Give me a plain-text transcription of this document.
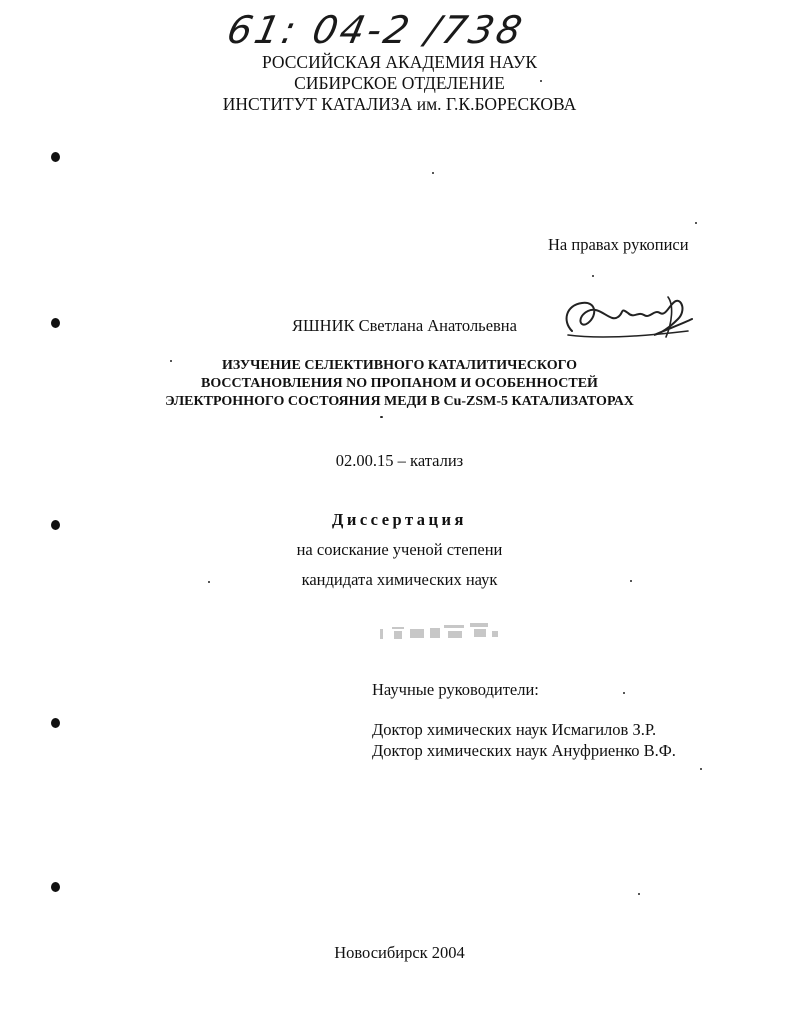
61: 04-2 /738
РОССИЙСКАЯ АКАДЕМИЯ НАУК
СИБИРСКОЕ ОТДЕЛЕНИЕ
ИНСТИТУТ КАТАЛИЗА им. Г.К.БОРЕСКОВА
На правах рукописи
ЯШНИК Светлана Анатольевна
ИЗУЧЕНИЕ СЕЛЕКТИВНОГО КАТАЛИТИЧЕСКОГО
ВОССТАНОВЛЕНИЯ NO ПРОПАНОМ И ОСОБЕННОСТЕЙ
ЭЛЕКТРОННОГО СОСТОЯНИЯ МЕДИ В Cu-ZSM-5 КАТАЛИЗАТОРАХ
02.00.15 – катализ
Диссертация
на соискание ученой степени
кандидата химических наук
Научные руководители:
Доктор химических наук Исмагилов З.Р.
Доктор химических наук Ануфриенко В.Ф.
Новосибирск 2004
